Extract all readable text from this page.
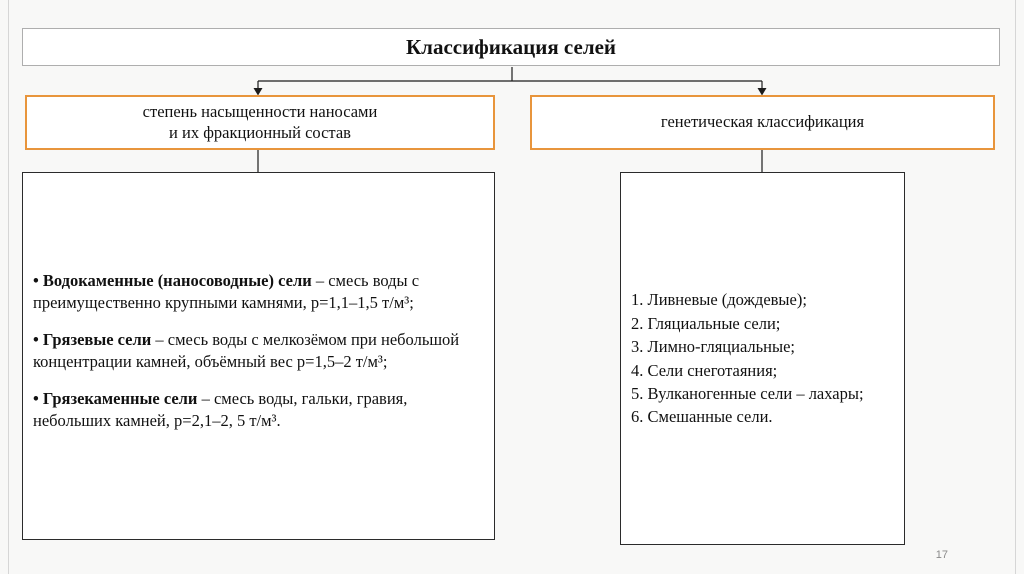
Классификация селей
степень насыщенности наносами
и их фракционный состав
генетическая классификация

• Водокаменные (наносоводные) сели – смесь воды с преимущественно крупными камнями, р=1,1–1,5 т/м³;

• Грязевые сели – смесь воды с мелкозёмом при небольшой концентрации камней, объёмный вес р=1,5–2 т/м³;

• Грязекаменные сели – смесь воды, гальки, гравия, небольших камней, р=2,1–2, 5 т/м³.

1. Ливневые (дождевые);
2. Гляциальные сели;
3. Лимно-гляциальные;
4. Сели снеготаяния;
5. Вулканогенные сели – лахары;
6. Смешанные сели.
17
